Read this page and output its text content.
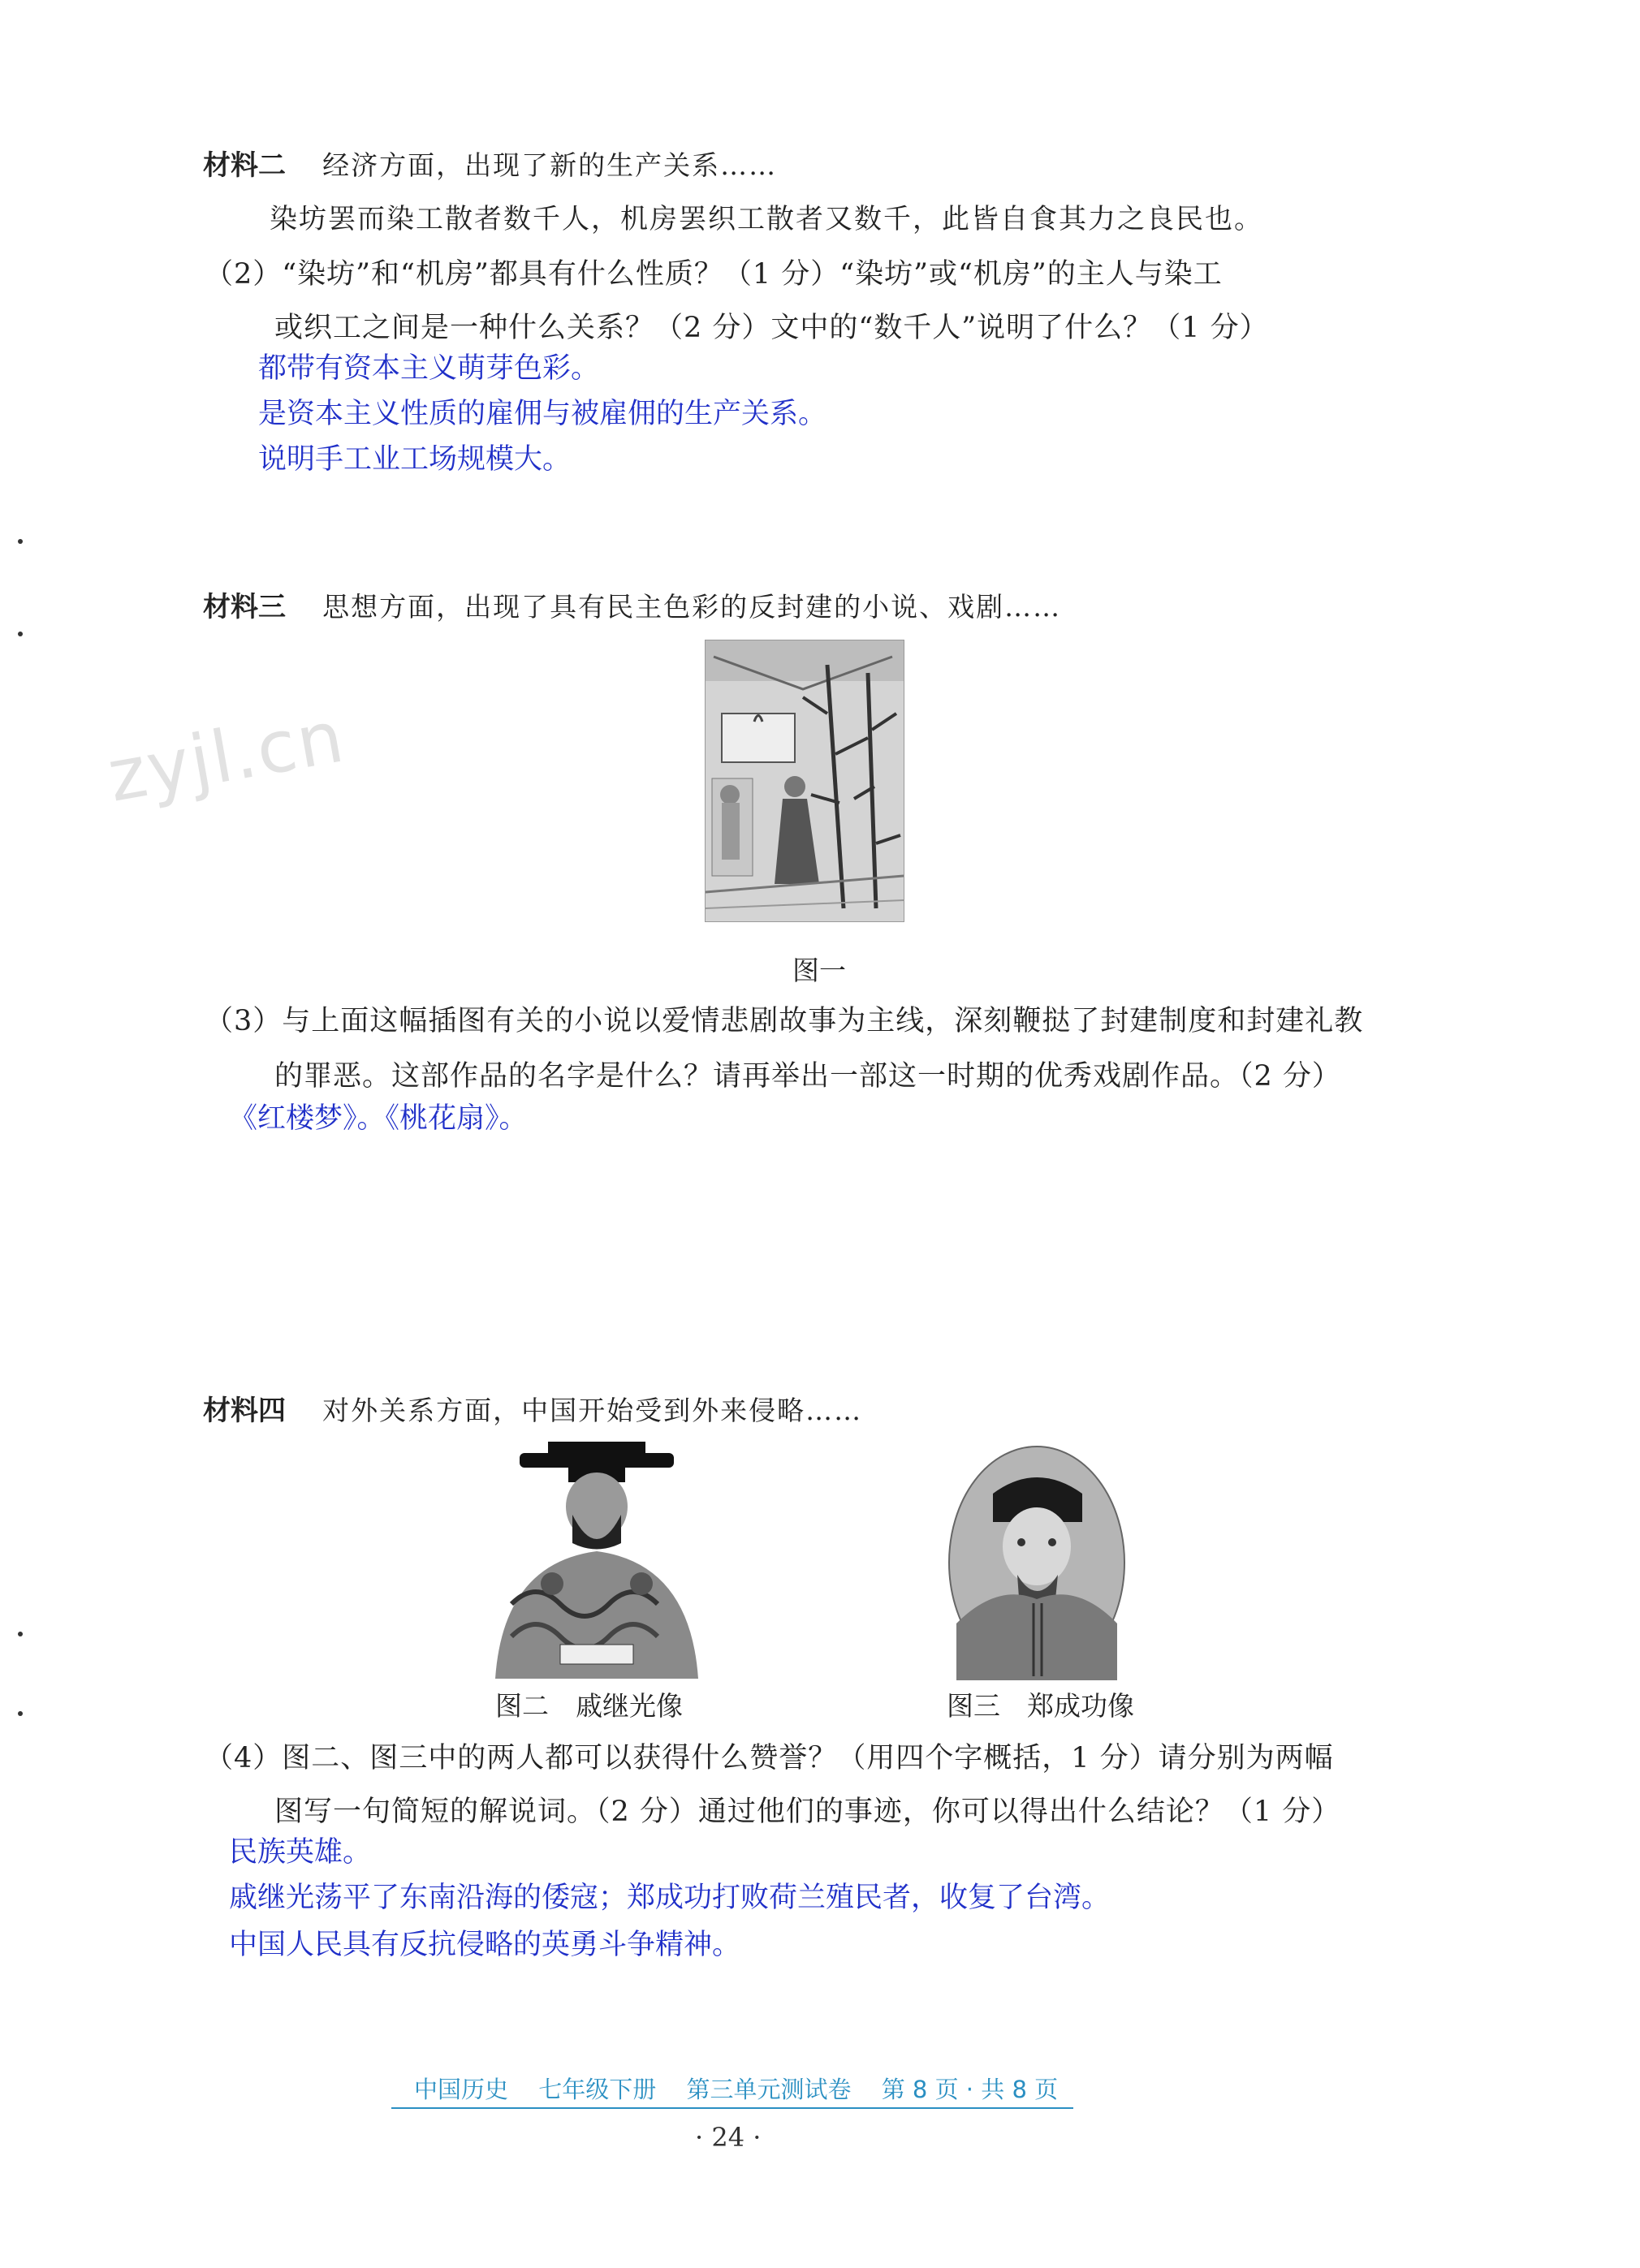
材料二 经济方面，出现了新的生产关系……
染坊罢而染工散者数千人，机房罢织工散者又数千，此皆自食其力之良民也。
（2）“染坊”和“机房”都具有什么性质？（1 分）“染坊”或“机房”的主人与染工
或织工之间是一种什么关系？（2 分）文中的“数千人”说明了什么？（1 分）
都带有资本主义萌芽色彩。
是资本主义性质的雇佣与被雇佣的生产关系。
说明手工业工场规模大。
材料三 思想方面，出现了具有民主色彩的反封建的小说、戏剧……
zyjl.cn
图一
（3）与上面这幅插图有关的小说以爱情悲剧故事为主线，深刻鞭挞了封建制度和封建礼教
的罪恶。这部作品的名字是什么？请再举出一部这一时期的优秀戏剧作品。（2 分）
《红楼梦》。《桃花扇》。
材料四 对外关系方面，中国开始受到外来侵略……
图二　戚继光像	图三　郑成功像
（4）图二、图三中的两人都可以获得什么赞誉？（用四个字概括，1 分）请分别为两幅
图写一句简短的解说词。（2 分）通过他们的事迹，你可以得出什么结论？（1 分）
民族英雄。
戚继光荡平了东南沿海的倭寇；郑成功打败荷兰殖民者，收复了台湾。
中国人民具有反抗侵略的英勇斗争精神。
中国历史 七年级下册 第三单元测试卷 第 8 页 · 共 8 页
· 24 ·
